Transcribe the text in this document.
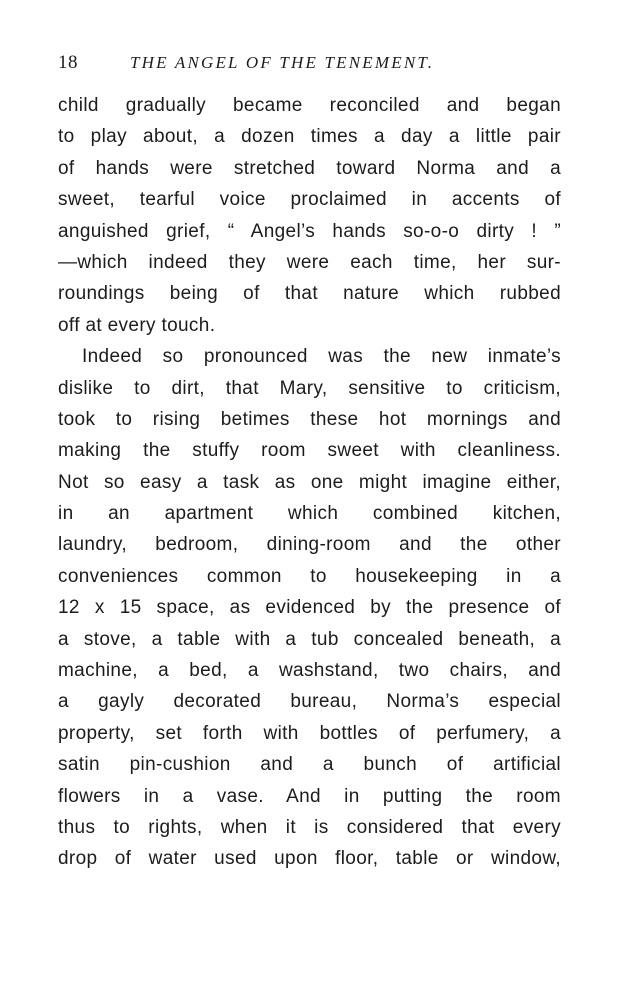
18	THE ANGEL OF THE TENEMENT.
child gradually became reconciled and began
to play about, a dozen times a day a little pair
of hands were stretched toward Norma and a
sweet, tearful voice proclaimed in accents of
anguished grief, “ Angel’s hands so-o-o dirty ! ”
—which indeed they were each time, her sur-
roundings being of that nature which rubbed
off at every touch.
Indeed so pronounced was the new inmate’s
dislike to dirt, that Mary, sensitive to criticism,
took to rising betimes these hot mornings and
making the stuffy room sweet with cleanliness.
Not so easy a task as one might imagine either,
in an apartment which combined kitchen,
laundry, bedroom, dining-room and the other
conveniences common to housekeeping in a
12 x 15 space, as evidenced by the presence of
a stove, a table with a tub concealed beneath, a
machine, a bed, a washstand, two chairs, and
a gayly decorated bureau, Norma’s especial
property, set forth with bottles of perfumery, a
satin pin-cushion and a bunch of artificial
flowers in a vase. And in putting the room
thus to rights, when it is considered that every
drop of water used upon floor, table or window,
